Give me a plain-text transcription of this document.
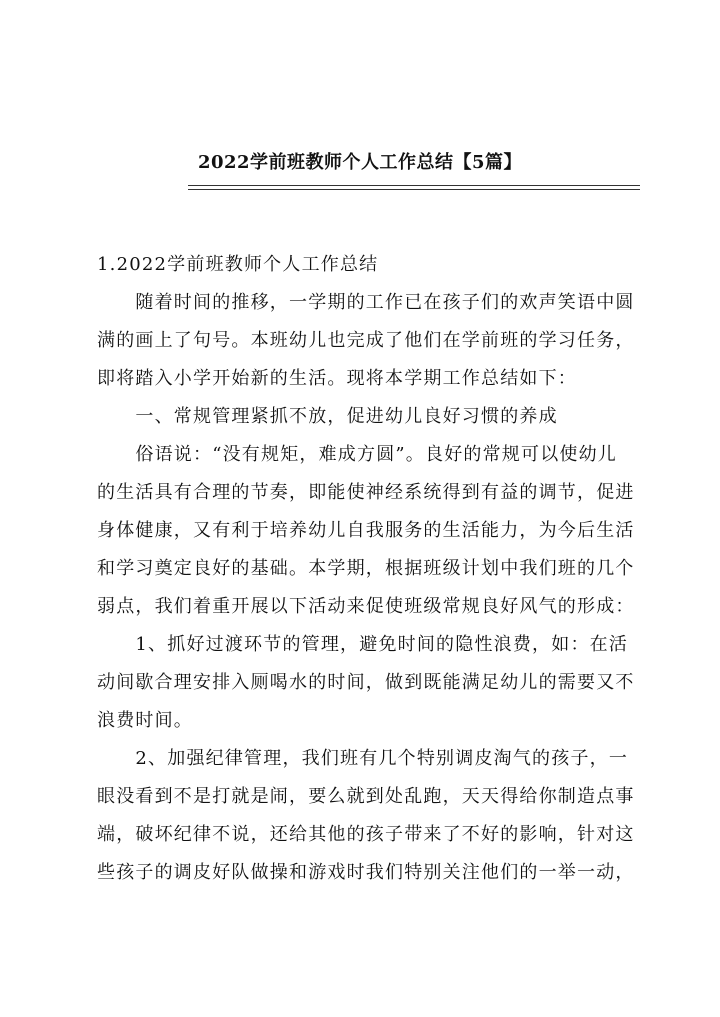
2022学前班教师个人工作总结【5篇】
1.2022学前班教师个人工作总结
　　随着时间的推移，一学期的工作已在孩子们的欢声笑语中圆
满的画上了句号。本班幼儿也完成了他们在学前班的学习任务，
即将踏入小学开始新的生活。现将本学期工作总结如下：
　　一、常规管理紧抓不放，促进幼儿良好习惯的养成
　　俗语说：“没有规矩，难成方圆”。良好的常规可以使幼儿
的生活具有合理的节奏，即能使神经系统得到有益的调节，促进
身体健康，又有利于培养幼儿自我服务的生活能力，为今后生活
和学习奠定良好的基础。本学期，根据班级计划中我们班的几个
弱点，我们着重开展以下活动来促使班级常规良好风气的形成：
　　1、抓好过渡环节的管理，避免时间的隐性浪费，如：在活
动间歇合理安排入厕喝水的时间，做到既能满足幼儿的需要又不
浪费时间。
　　2、加强纪律管理，我们班有几个特别调皮淘气的孩子，一
眼没看到不是打就是闹，要么就到处乱跑，天天得给你制造点事
端，破坏纪律不说，还给其他的孩子带来了不好的影响，针对这
些孩子的调皮好队做操和游戏时我们特别关注他们的一举一动，
